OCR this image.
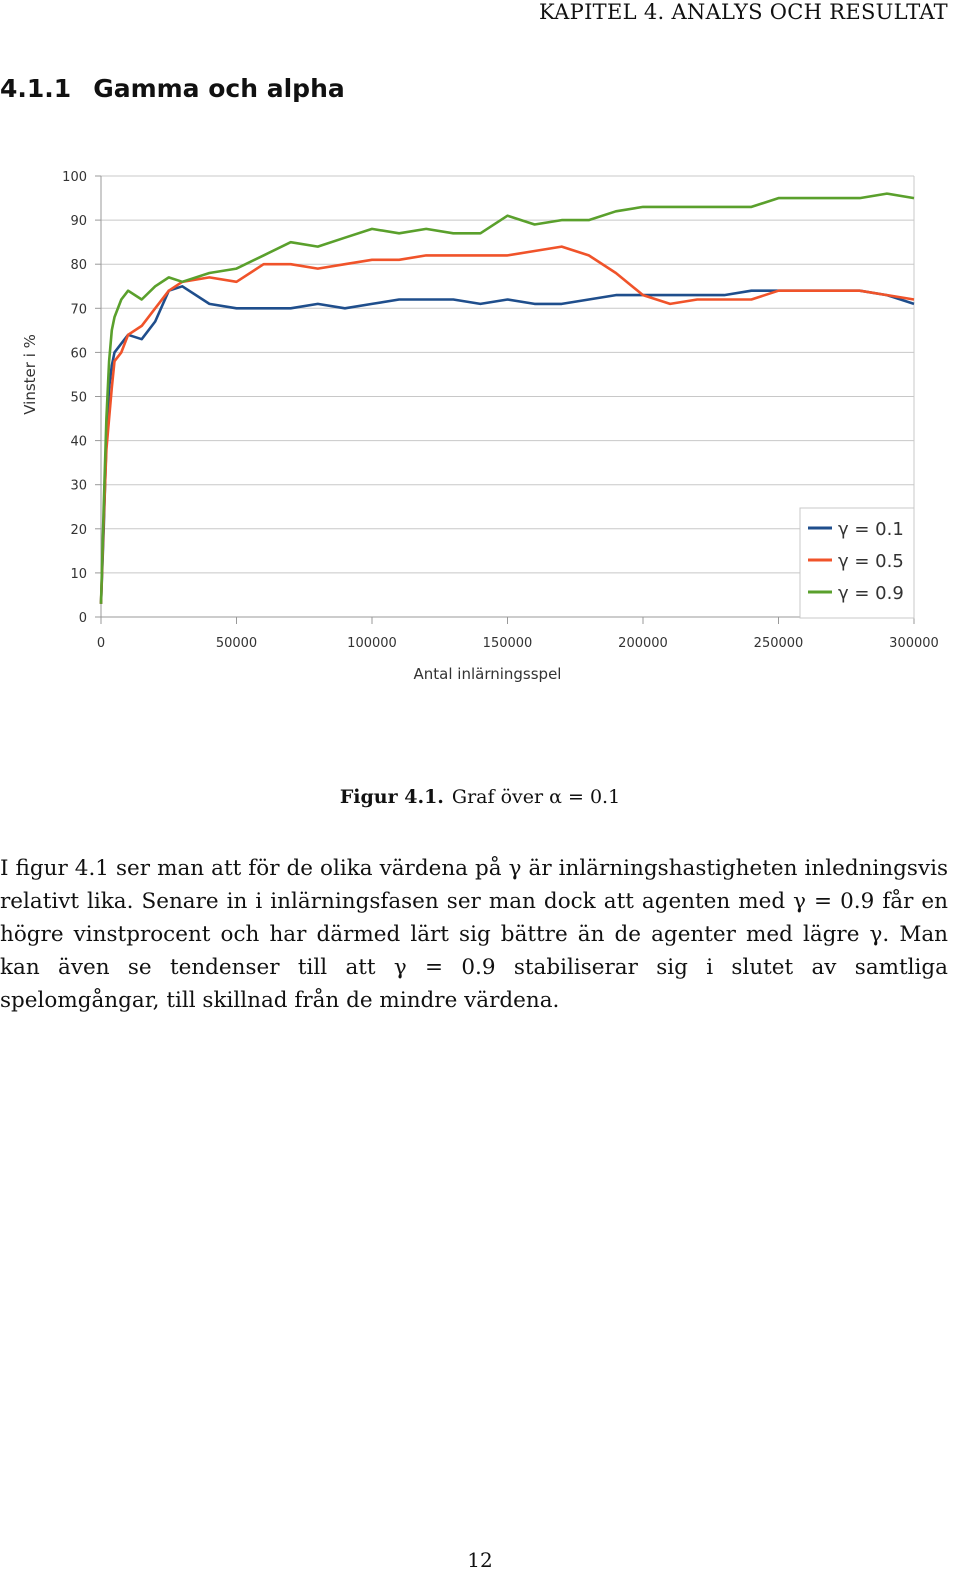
KAPITEL 4. ANALYS OCH RESULTAT
4.1.1 Gamma och alpha
0
10
20
30
40
50
60
70
80
90
100
0	50000	100000	150000	200000	250000	300000
Antal inlärningsspel
Vinster i %
γ = 0.1
γ = 0.5
γ = 0.9
Figur 4.1. Graf över α = 0.1

I figur 4.1 ser man att för de olika värdena på γ är inlärningshastigheten inledningsvis relativt lika. Senare in i inlärningsfasen ser man dock att agenten med γ = 0.9 får en högre vinstprocent och har därmed lärt sig bättre än de agenter med lägre γ. Man kan även se tendenser till att γ = 0.9 stabiliserar sig i slutet av samtliga spelomgångar, till skillnad från de mindre värdena.

12
